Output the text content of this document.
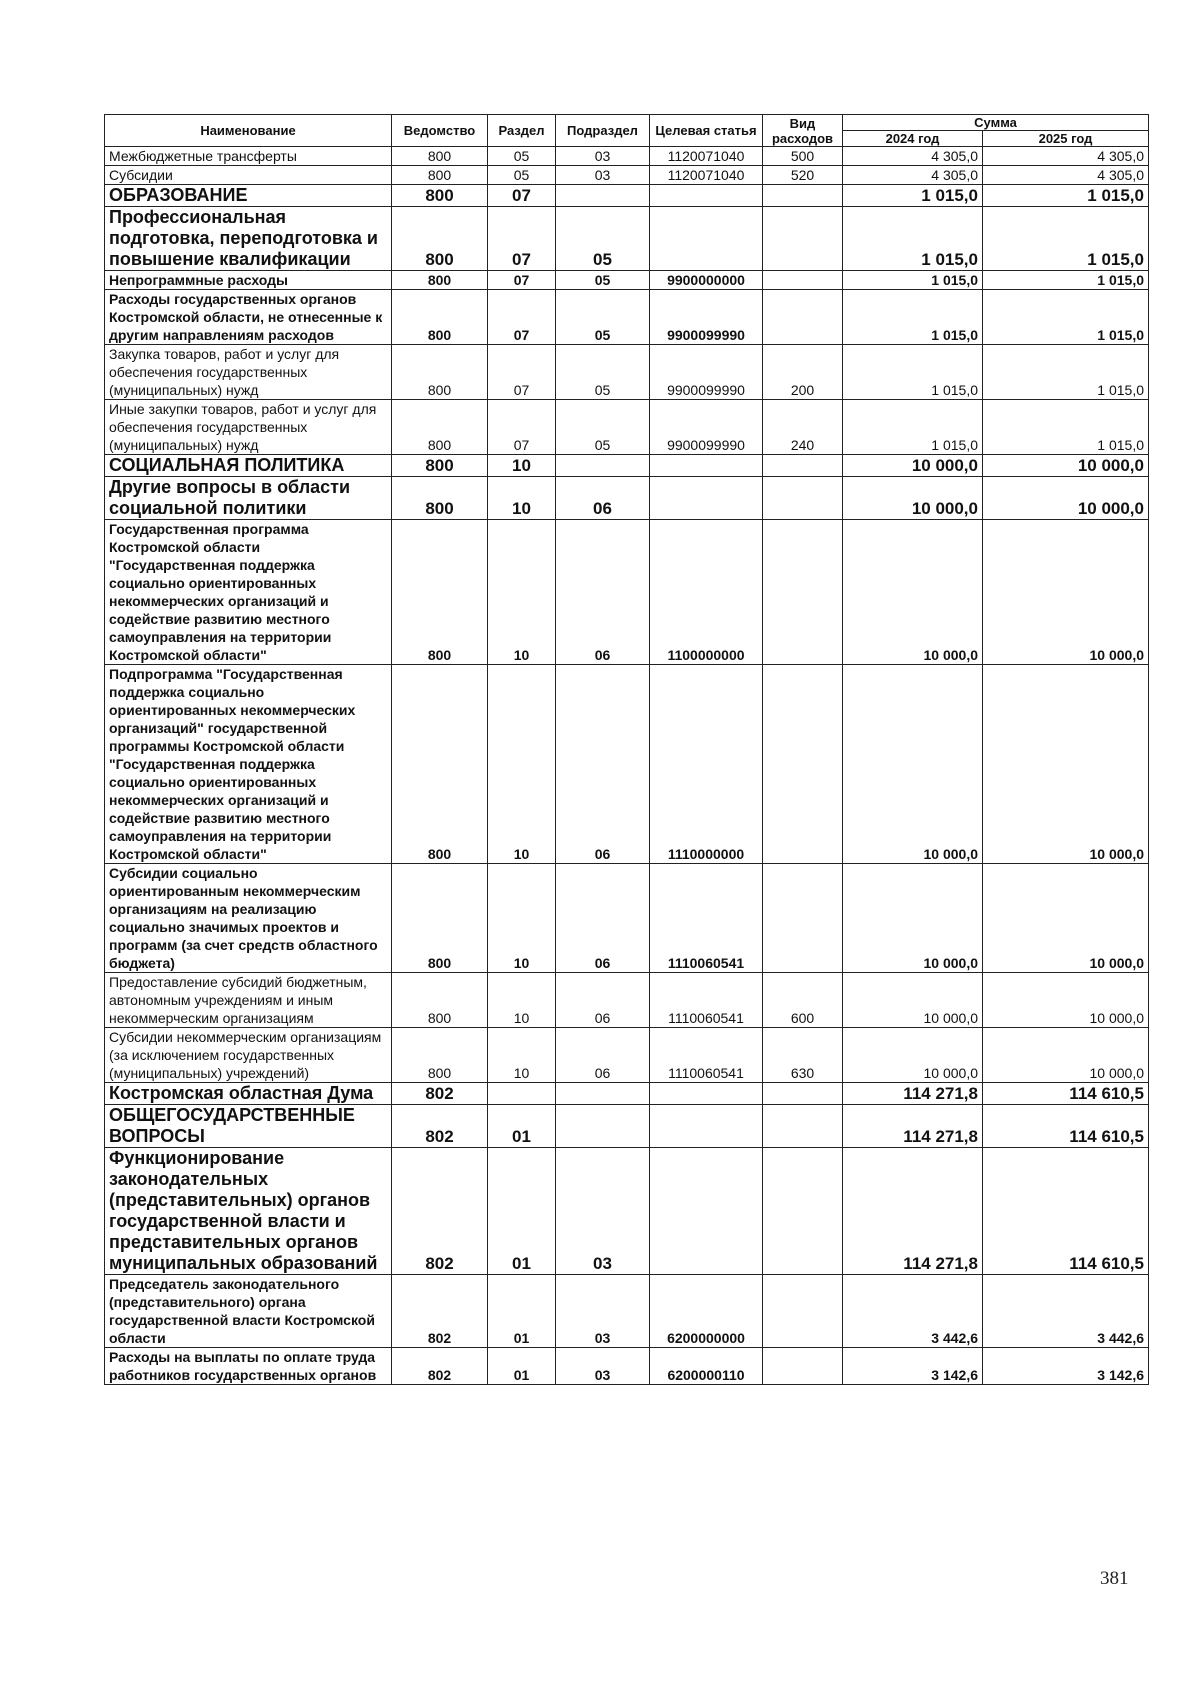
Наименование	Ведомство	Раздел	Подраздел	Целевая статья	Вид расходов	Сумма	
						2024 год	2025 год
Межбюджетные трансферты	800	05	03	1120071040	500	4 305,0	4 305,0
Субсидии	800	05	03	1120071040	520	4 305,0	4 305,0
ОБРАЗОВАНИЕ	800	07				1 015,0	1 015,0
Профессиональная подготовка, переподготовка и повышение квалификации	800	07	05			1 015,0	1 015,0
Непрограммные расходы	800	07	05	9900000000		1 015,0	1 015,0
Расходы государственных органов Костромской области, не отнесенные к другим направлениям расходов	800	07	05	9900099990		1 015,0	1 015,0
Закупка товаров, работ и услуг для обеспечения государственных (муниципальных) нужд	800	07	05	9900099990	200	1 015,0	1 015,0
Иные закупки товаров, работ и услуг для обеспечения государственных (муниципальных) нужд	800	07	05	9900099990	240	1 015,0	1 015,0
СОЦИАЛЬНАЯ ПОЛИТИКА	800	10				10 000,0	10 000,0
Другие вопросы в области социальной политики	800	10	06			10 000,0	10 000,0
Государственная программа Костромской области "Государственная поддержка социально ориентированных некоммерческих организаций и содействие развитию местного самоуправления на территории Костромской области"	800	10	06	1100000000		10 000,0	10 000,0
Подпрограмма "Государственная поддержка социально ориентированных некоммерческих организаций" государственной программы Костромской области "Государственная поддержка социально ориентированных некоммерческих организаций и содействие развитию местного самоуправления на территории Костромской области"	800	10	06	1110000000		10 000,0	10 000,0
Субсидии социально ориентированным некоммерческим организациям на реализацию социально значимых проектов и программ (за счет средств областного бюджета)	800	10	06	1110060541		10 000,0	10 000,0
Предоставление субсидий бюджетным, автономным учреждениям и иным некоммерческим организациям	800	10	06	1110060541	600	10 000,0	10 000,0
Субсидии некоммерческим организациям (за исключением государственных (муниципальных) учреждений)	800	10	06	1110060541	630	10 000,0	10 000,0
Костромская областная Дума	802					114 271,8	114 610,5
ОБЩЕГОСУДАРСТВЕННЫЕ ВОПРОСЫ	802	01				114 271,8	114 610,5
Функционирование законодательных (представительных) органов государственной власти и представительных органов муниципальных образований	802	01	03			114 271,8	114 610,5
Председатель законодательного (представительного) органа государственной власти Костромской области	802	01	03	6200000000		3 442,6	3 442,6
Расходы на выплаты по оплате труда работников государственных органов	802	01	03	6200000110		3 142,6	3 142,6
381
